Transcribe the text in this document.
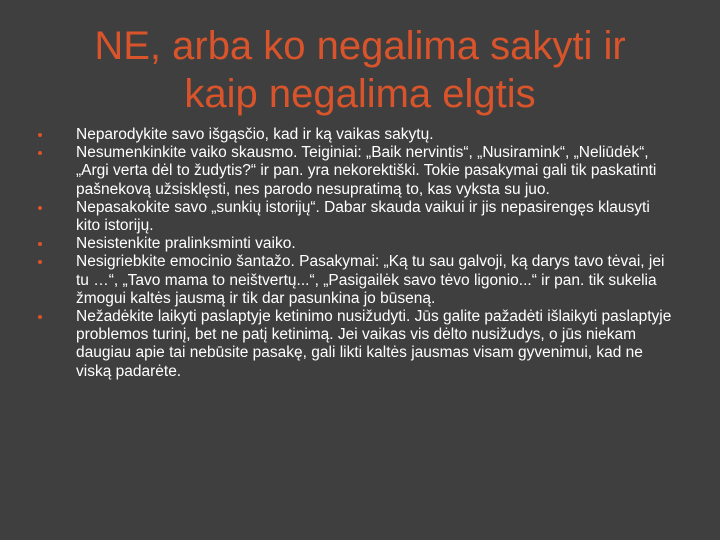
NE, arba ko negalima sakyti ir
kaip negalima elgtis
Neparodykite savo išgąsčio, kad ir ką vaikas sakytų.
Nesumenkinkite vaiko skausmo. Teiginiai: „Baik nervintis“, „Nusiramink“, „Neliūdėk“, „Argi verta dėl to žudytis?“ ir pan. yra nekorektiški. Tokie pasakymai gali tik paskatinti pašnekovą užsisklęsti, nes parodo nesupratimą to, kas vyksta su juo.
Nepasakokite savo „sunkių istorijų“. Dabar skauda vaikui ir jis nepasirengęs klausyti kito istorijų.
Nesistenkite pralinksminti vaiko.
Nesigriebkite emocinio šantažo. Pasakymai: „Ką tu sau galvoji, ką darys tavo tėvai, jei tu …“, „Tavo mama to neištvertų...“, „Pasigailėk savo tėvo ligonio...“ ir pan. tik sukelia žmogui kaltės jausmą ir tik dar pasunkina jo būseną.
Nežadėkite laikyti paslaptyje ketinimo nusižudyti. Jūs galite pažadėti išlaikyti paslaptyje problemos turinį, bet ne patį ketinimą. Jei vaikas vis dėlto nusižudys, o jūs niekam daugiau apie tai nebūsite pasakę, gali likti kaltės jausmas visam gyvenimui, kad ne viską padarėte.
